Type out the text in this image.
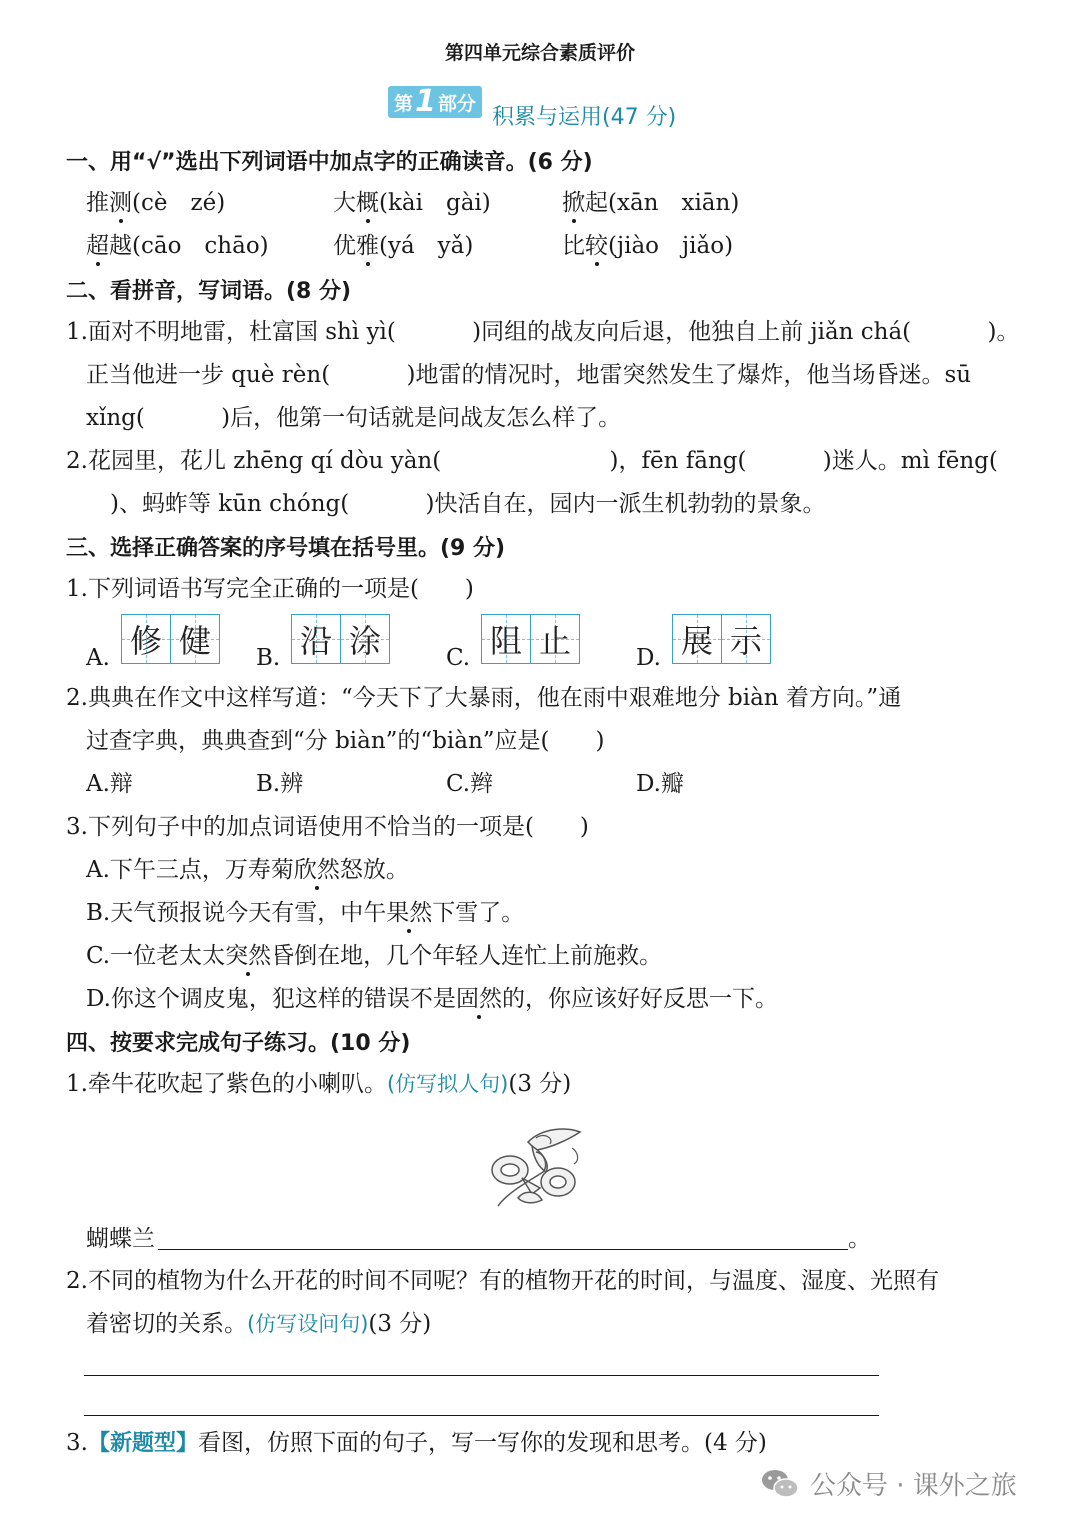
第四单元综合素质评价
第 1 部分
积累与运用(47 分)
一、用“√”选出下列词语中加点字的正确读音。(6 分)
推测(cè　zé)	大概(kài　gài)	掀起(xān　xiān)
超越(cāo　chāo)	优雅(yá　yǎ)	比较(jiào　jiǎo)
二、看拼音，写词语。(8 分)
1.面对不明地雷，杜富国 shì yì(　　　 )同组的战友向后退，他独自上前 jiǎn chá(　　　 )。
正当他进一步 què rèn(　　　 )地雷的情况时，地雷突然发生了爆炸，他当场昏迷。sū
xǐng(　　　 )后，他第一句话就是问战友怎么样了。
2.花园里，花儿 zhēng qí dòu yàn(　　　　　　　 )，fēn fāng(　　　 )迷人。mì fēng(
)、蚂蚱等 kūn chóng(　　　 )快活自在，园内一派生机勃勃的景象。
三、选择正确答案的序号填在括号里。(9 分)
1.下列词语书写完全正确的一项是(　　)
A. 修 健 B. 沿 涂	C. 阻 止	D. 展 示
2.典典在作文中这样写道：“今天下了大暴雨，他在雨中艰难地分 biàn 着方向。”通
过查字典，典典查到“分 biàn”的“biàn”应是(　　)
A.辩	B.辨	C.辫	D.瓣
3.下列句子中的加点词语使用不恰当的一项是(　　)
A.下午三点，万寿菊欣然怒放。
B.天气预报说今天有雪，中午果然下雪了。
C.一位老太太突然昏倒在地，几个年轻人连忙上前施救。
D.你这个调皮鬼，犯这样的错误不是固然的，你应该好好反思一下。
四、按要求完成句子练习。(10 分)
1.牵牛花吹起了紫色的小喇叭。(仿写拟人句)(3 分)
蝴蝶兰	。
2.不同的植物为什么开花的时间不同呢？有的植物开花的时间，与温度、湿度、光照有
着密切的关系。(仿写设问句)(3 分)
3.【新题型】看图，仿照下面的句子，写一写你的发现和思考。(4 分)
公众号 · 课外之旅
